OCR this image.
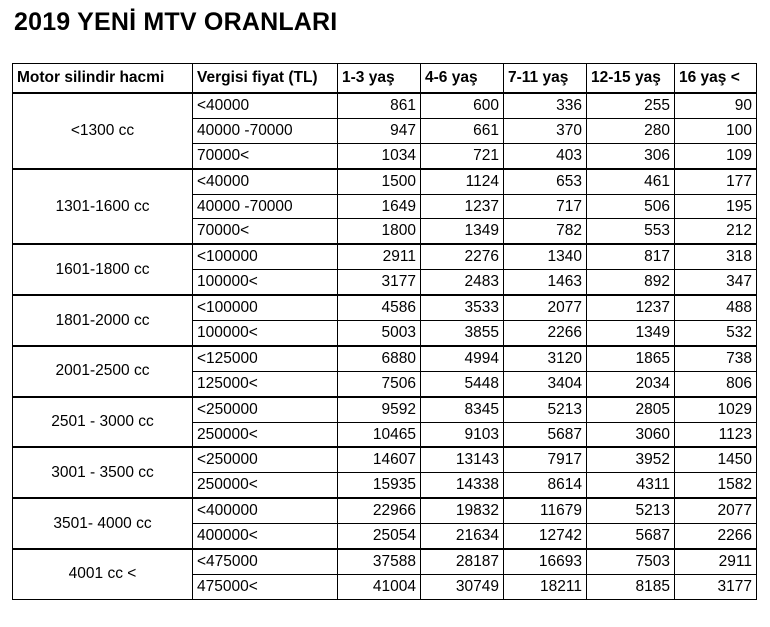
2019 YENİ MTV ORANLARI
Motor silindir hacmi	Vergisi fiyat (TL)	1-3 yaş	4-6 yaş	7-11 yaş	12-15 yaş	16 yaş <
<1300 cc	<40000	861	600	336	255	90
	40000 -70000	947	661	370	280	100
	70000<	1034	721	403	306	109
1301-1600 cc	<40000	1500	1124	653	461	177
	40000 -70000	1649	1237	717	506	195
	70000<	1800	1349	782	553	212
1601-1800 cc	<100000	2911	2276	1340	817	318
	100000<	3177	2483	1463	892	347
1801-2000 cc	<100000	4586	3533	2077	1237	488
	100000<	5003	3855	2266	1349	532
2001-2500 cc	<125000	6880	4994	3120	1865	738
	125000<	7506	5448	3404	2034	806
2501 - 3000 cc	<250000	9592	8345	5213	2805	1029
	250000<	10465	9103	5687	3060	1123
3001 - 3500 cc	<250000	14607	13143	7917	3952	1450
	250000<	15935	14338	8614	4311	1582
3501- 4000 cc	<400000	22966	19832	11679	5213	2077
	400000<	25054	21634	12742	5687	2266
4001 cc <	<475000	37588	28187	16693	7503	2911
	475000<	41004	30749	18211	8185	3177
